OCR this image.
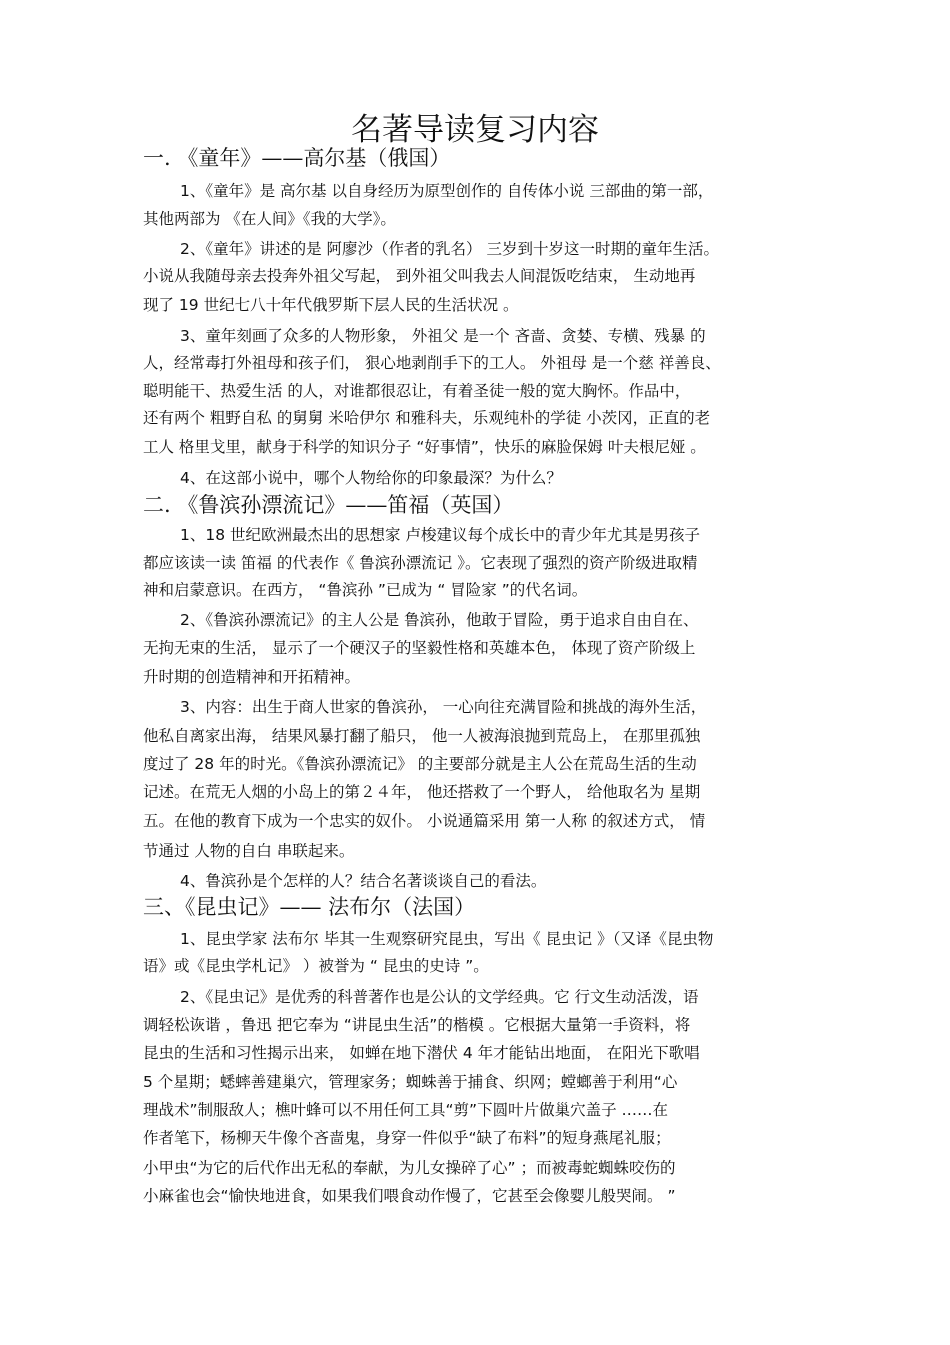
名著导读复习内容
一. 《童年》——高尔基（俄国）
1、《童年》是 高尔基 以自身经历为原型创作的 自传体小说 三部曲的第一部，
其他两部为 《在人间》《我的大学》。
2、《童年》讲述的是 阿廖沙（作者的乳名） 三岁到十岁这一时期的童年生活。
小说从我随母亲去投奔外祖父写起， 到外祖父叫我去人间混饭吃结束， 生动地再
现了 19 世纪七八十年代俄罗斯下层人民的生活状况 。
3、童年刻画了众多的人物形象， 外祖父 是一个 吝啬、贪婪、专横、残暴 的
人，经常毒打外祖母和孩子们， 狠心地剥削手下的工人。 外祖母 是一个慈 祥善良、
聪明能干、热爱生活 的人，对谁都很忍让，有着圣徒一般的宽大胸怀。作品中，
还有两个 粗野自私 的舅舅 米哈伊尔 和雅科夫，乐观纯朴的学徒 小茨冈，正直的老
工人 格里戈里，献身于科学的知识分子 “好事情”，快乐的麻脸保姆 叶夫根尼娅 。
4、在这部小说中，哪个人物给你的印象最深？为什么？
二. 《鲁滨孙漂流记》——笛福（英国）
1、18 世纪欧洲最杰出的思想家 卢梭建议每个成长中的青少年尤其是男孩子
都应该读一读 笛福 的代表作《 鲁滨孙漂流记 》。它表现了强烈的资产阶级进取精
神和启蒙意识。在西方， “鲁滨孙 ”已成为 “ 冒险家 ”的代名词。
2、《鲁滨孙漂流记》的主人公是 鲁滨孙，他敢于冒险，勇于追求自由自在、
无拘无束的生活， 显示了一个硬汉子的坚毅性格和英雄本色， 体现了资产阶级上
升时期的创造精神和开拓精神。
3、内容：出生于商人世家的鲁滨孙， 一心向往充满冒险和挑战的海外生活，
他私自离家出海， 结果风暴打翻了船只， 他一人被海浪抛到荒岛上， 在那里孤独
度过了 28 年的时光。《鲁滨孙漂流记》 的主要部分就是主人公在荒岛生活的生动
记述。在荒无人烟的小岛上的第２４年， 他还搭救了一个野人， 给他取名为 星期
五。在他的教育下成为一个忠实的奴仆。 小说通篇采用 第一人称 的叙述方式， 情
节通过 人物的自白 串联起来。
4、鲁滨孙是个怎样的人？结合名著谈谈自己的看法。
三、《昆虫记》—— 法布尔（法国）
1、昆虫学家 法布尔 毕其一生观察研究昆虫，写出《 昆虫记 》（又译《昆虫物
语》或《昆虫学札记》 ）被誉为 “ 昆虫的史诗 ”。
2、《昆虫记》是优秀的科普著作也是公认的文学经典。它 行文生动活泼，语
调轻松诙谐 ，鲁迅 把它奉为 “讲昆虫生活”的楷模 。它根据大量第一手资料，将
昆虫的生活和习性揭示出来， 如蝉在地下潜伏 4 年才能钻出地面， 在阳光下歌唱
5 个星期；蟋蟀善建巢穴，管理家务；蜘蛛善于捕食、织网；螳螂善于利用“心
理战术”制服敌人；樵叶蜂可以不用任何工具“剪”下圆叶片做巢穴盖子 ……在
作者笔下，杨柳天牛像个吝啬鬼，身穿一件似乎“缺了布料”的短身燕尾礼服；
小甲虫“为它的后代作出无私的奉献，为儿女操碎了心” ；而被毒蛇蜘蛛咬伤的
小麻雀也会“愉快地进食，如果我们喂食动作慢了，它甚至会像婴儿般哭闹。 ”
